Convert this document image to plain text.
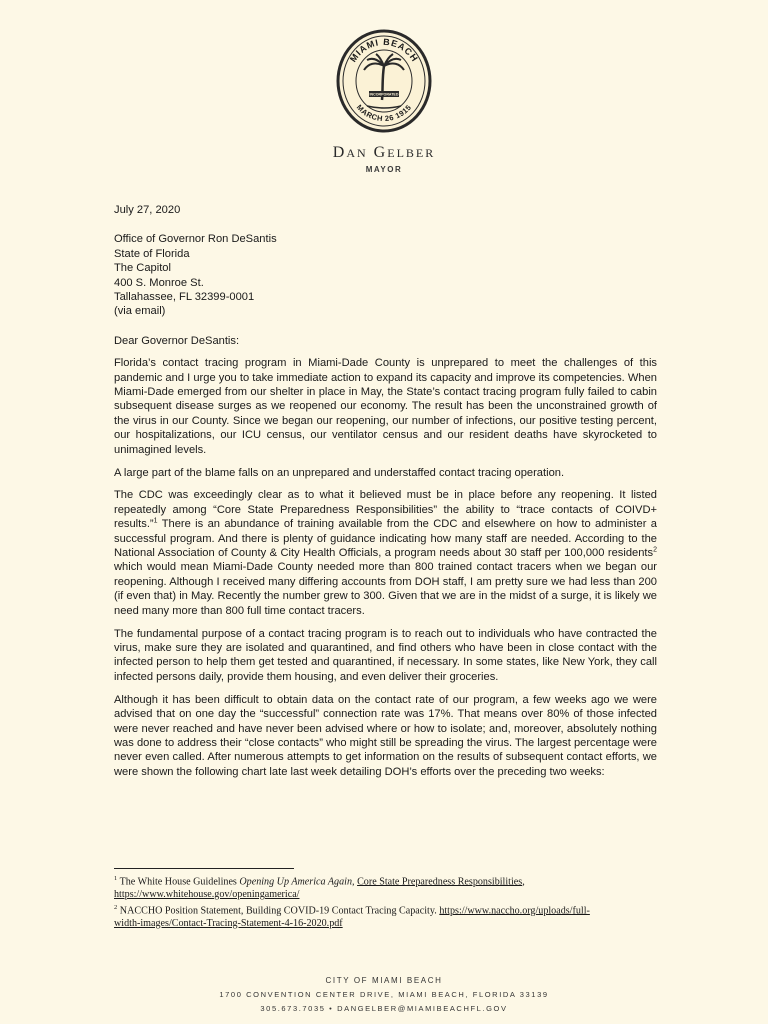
MIAMI BEACH
MARCH 26 1915
INCORPORATED
DAN GELBER
MAYOR
July 27, 2020
Office of Governor Ron DeSantis
State of Florida
The Capitol
400 S. Monroe St.
Tallahassee, FL 32399-0001
(via email)
Dear Governor DeSantis:

Florida’s contact tracing program in Miami-Dade County is unprepared to meet the challenges of this pandemic and I urge you to take immediate action to expand its capacity and improve its competencies. When Miami-Dade emerged from our shelter in place in May, the State’s contact tracing program fully failed to cabin subsequent disease surges as we reopened our economy. The result has been the unconstrained growth of the virus in our County. Since we began our reopening, our number of infections, our positive testing percent, our hospitalizations, our ICU census, our ventilator census and our resident deaths have skyrocketed to unimagined levels.

A large part of the blame falls on an unprepared and understaffed contact tracing operation.

The CDC was exceedingly clear as to what it believed must be in place before any reopening. It listed repeatedly among “Core State Preparedness Responsibilities” the ability to “trace contacts of COIVD+ results.”$^1$ There is an abundance of training available from the CDC and elsewhere on how to administer a successful program. And there is plenty of guidance indicating how many staff are needed. According to the National Association of County & City Health Officials, a program needs about 30 staff per 100,000 residents$^2$ which would mean Miami-Dade County needed more than 800 trained contact tracers when we began our reopening. Although I received many differing accounts from DOH staff, I am pretty sure we had less than 200 (if even that) in May. Recently the number grew to 300. Given that we are in the midst of a surge, it is likely we need many more than 800 full time contact tracers.

The fundamental purpose of a contact tracing program is to reach out to individuals who have contracted the virus, make sure they are isolated and quarantined, and find others who have been in close contact with the infected person to help them get tested and quarantined, if necessary. In some states, like New York, they call infected persons daily, provide them housing, and even deliver their groceries.

Although it has been difficult to obtain data on the contact rate of our program, a few weeks ago we were advised that on one day the “successful” connection rate was 17%. That means over 80% of those infected were never reached and have never been advised where or how to isolate; and, moreover, absolutely nothing was done to address their “close contacts” who might still be spreading the virus. The largest percentage were never even called. After numerous attempts to get information on the results of subsequent contact efforts, we were shown the following chart late last week detailing DOH’s efforts over the preceding two weeks:

$^1$ The White House Guidelines Opening Up America Again, Core State Preparedness Responsibilities,
https://www.whitehouse.gov/openingamerica/
$^2$ NACCHO Position Statement, Building COVID-19 Contact Tracing Capacity. https://www.naccho.org/uploads/full-
width-images/Contact-Tracing-Statement-4-16-2020.pdf
CITY OF MIAMI BEACH
1700 CONVENTION CENTER DRIVE, MIAMI BEACH, FLORIDA 33139
305.673.7035 • DANGELBER@MIAMIBEACHFL.GOV
